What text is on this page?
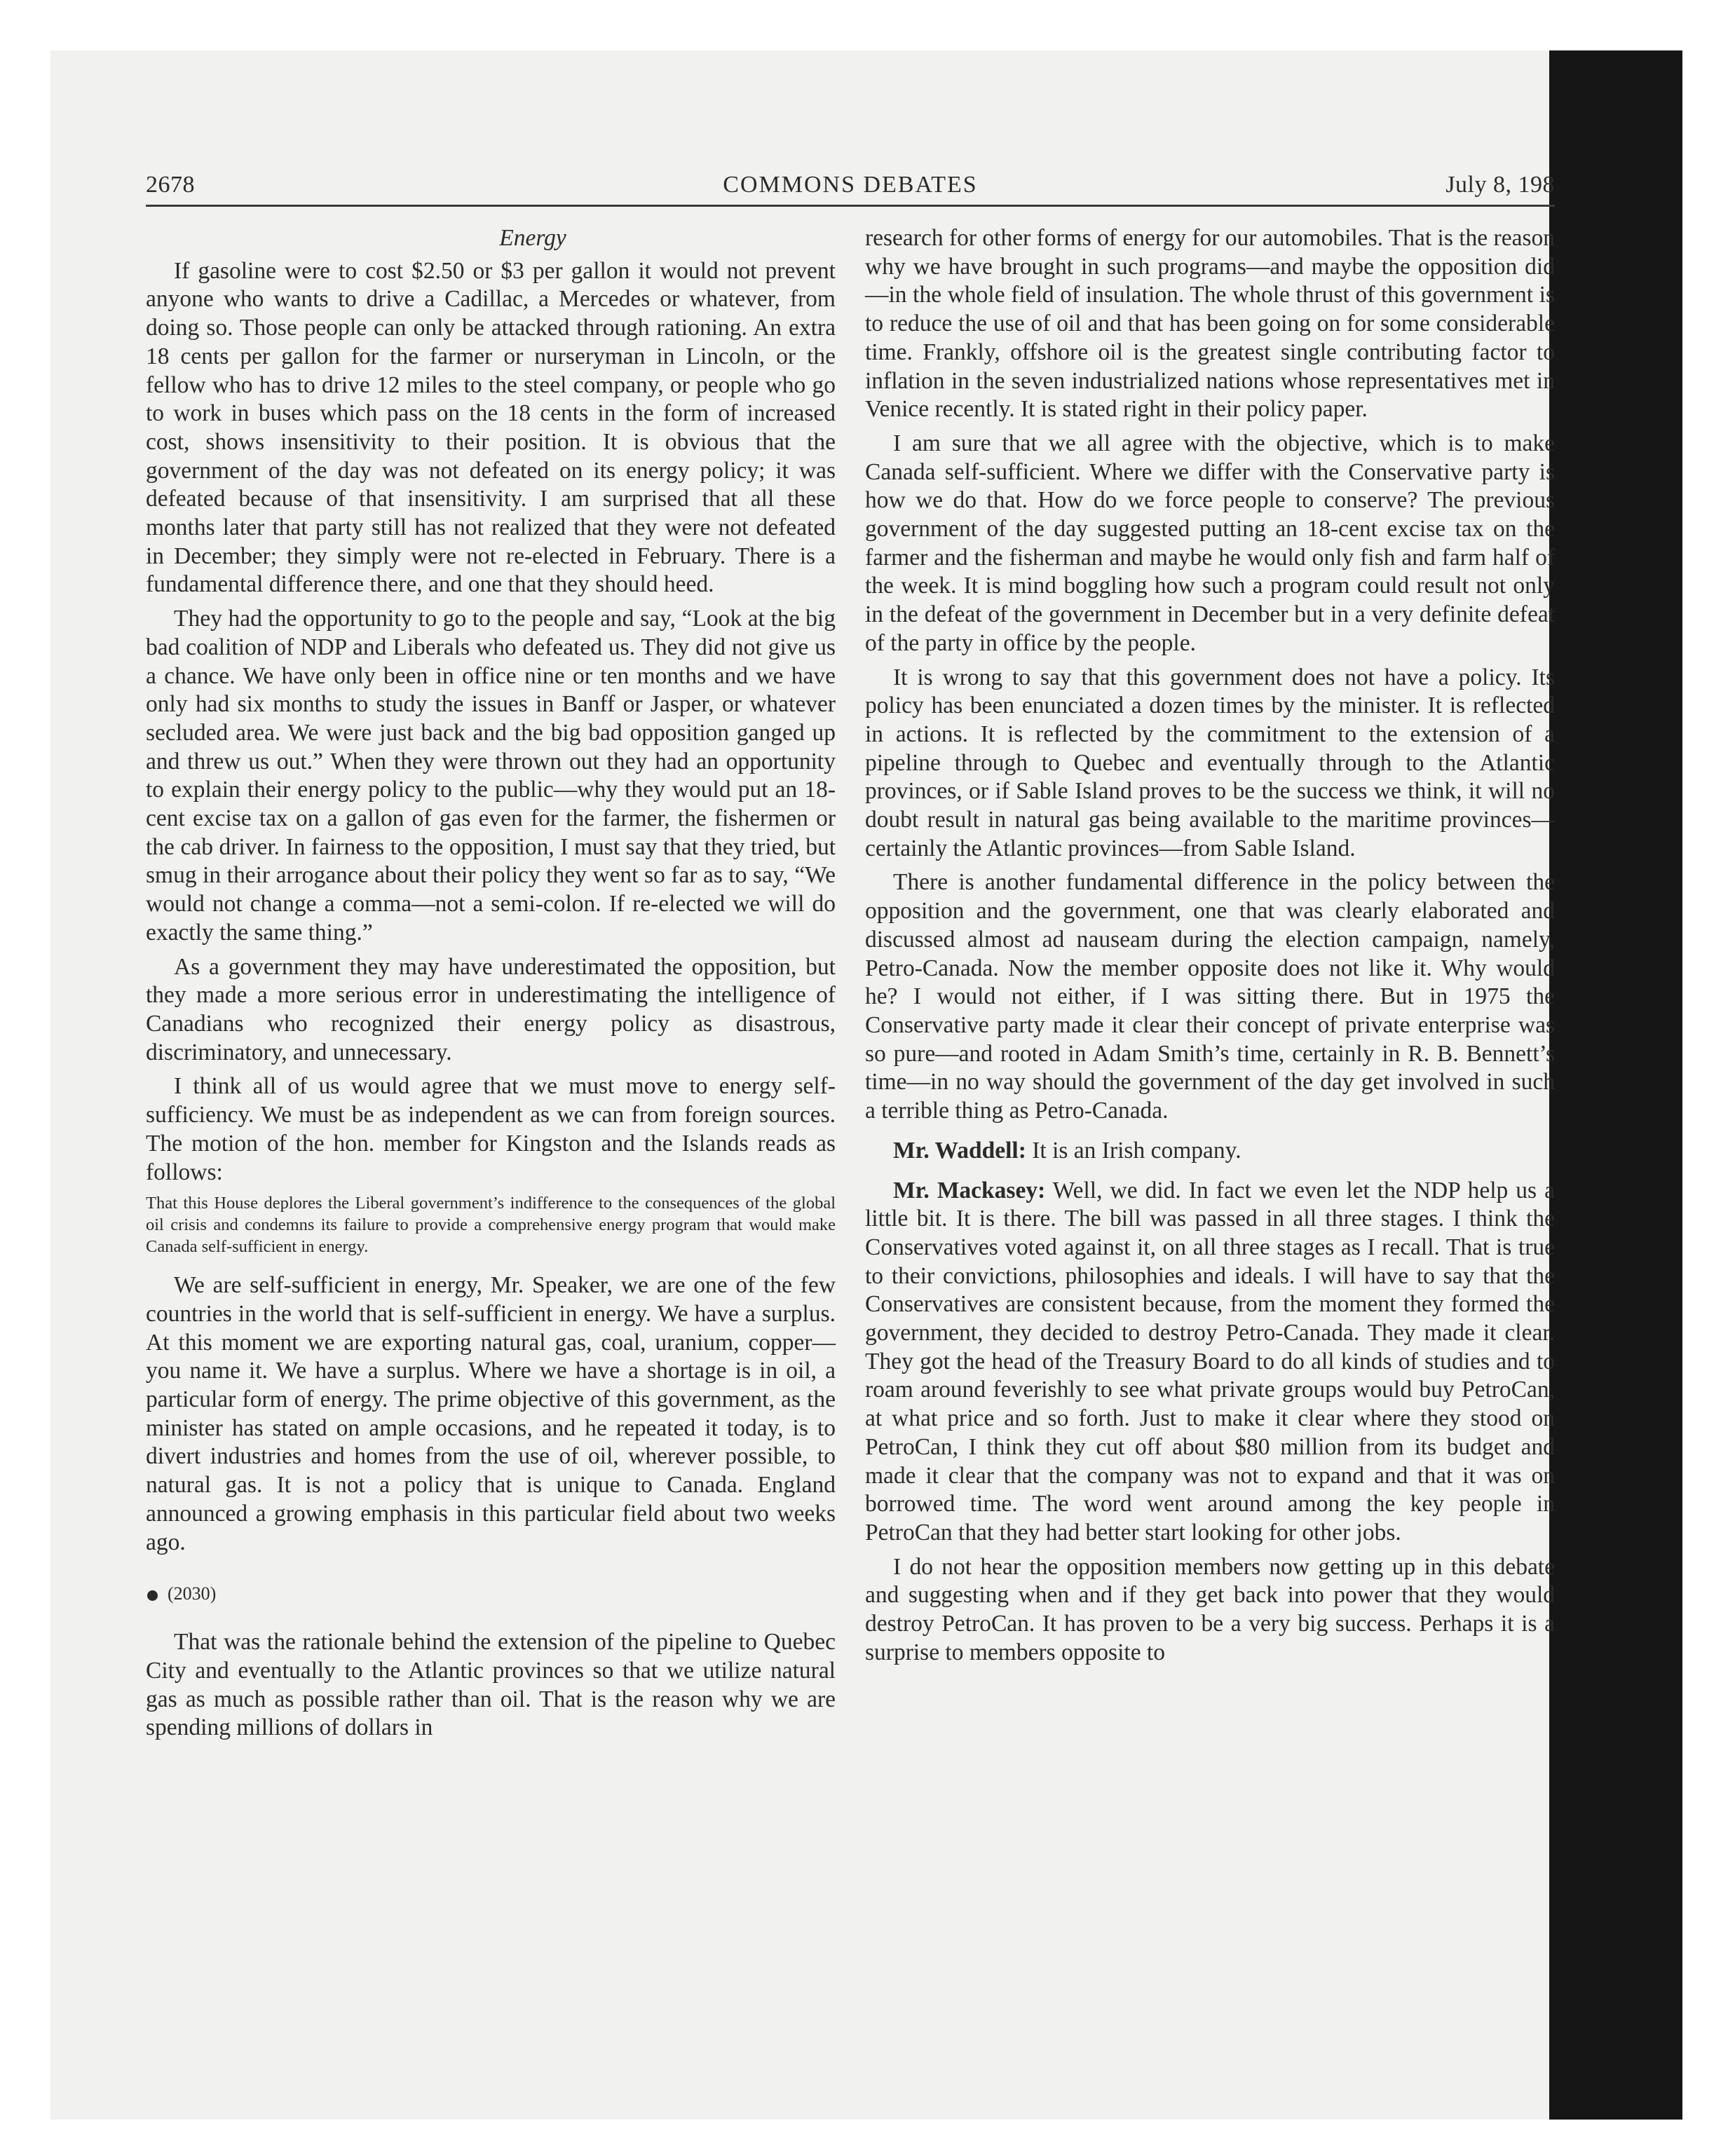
2678	COMMONS DEBATES	July 8, 198

Energy

If gasoline were to cost $2.50 or $3 per gallon it would not prevent anyone who wants to drive a Cadillac, a Mercedes or whatever, from doing so. Those people can only be attacked through rationing. An extra 18 cents per gallon for the farmer or nurseryman in Lincoln, or the fellow who has to drive 12 miles to the steel company, or people who go to work in buses which pass on the 18 cents in the form of increased cost, shows insensitivity to their position. It is obvious that the government of the day was not defeated on its energy policy; it was defeated because of that insensitivity. I am surprised that all these months later that party still has not realized that they were not defeated in December; they simply were not re-elected in February. There is a fundamental difference there, and one that they should heed.

They had the opportunity to go to the people and say, “Look at the big bad coalition of NDP and Liberals who defeated us. They did not give us a chance. We have only been in office nine or ten months and we have only had six months to study the issues in Banff or Jasper, or whatever secluded area. We were just back and the big bad opposition ganged up and threw us out.” When they were thrown out they had an opportunity to explain their energy policy to the public—why they would put an 18-cent excise tax on a gallon of gas even for the farmer, the fishermen or the cab driver. In fairness to the opposition, I must say that they tried, but smug in their arrogance about their policy they went so far as to say, “We would not change a comma—not a semi-colon. If re-elected we will do exactly the same thing.”

As a government they may have underestimated the opposition, but they made a more serious error in underestimating the intelligence of Canadians who recognized their energy policy as disastrous, discriminatory, and unnecessary.

I think all of us would agree that we must move to energy self-sufficiency. We must be as independent as we can from foreign sources. The motion of the hon. member for Kingston and the Islands reads as follows:

That this House deplores the Liberal government’s indifference to the consequences of the global oil crisis and condemns its failure to provide a comprehensive energy program that would make Canada self-sufficient in energy.

We are self-sufficient in energy, Mr. Speaker, we are one of the few countries in the world that is self-sufficient in energy. We have a surplus. At this moment we are exporting natural gas, coal, uranium, copper—you name it. We have a surplus. Where we have a shortage is in oil, a particular form of energy. The prime objective of this government, as the minister has stated on ample occasions, and he repeated it today, is to divert industries and homes from the use of oil, wherever possible, to natural gas. It is not a policy that is unique to Canada. England announced a growing emphasis in this particular field about two weeks ago.

(2030)

That was the rationale behind the extension of the pipeline to Quebec City and eventually to the Atlantic provinces so that we utilize natural gas as much as possible rather than oil. That is the reason why we are spending millions of dollars in

research for other forms of energy for our automobiles. That is the reason why we have brought in such programs—and maybe the opposition did—in the whole field of insulation. The whole thrust of this government is to reduce the use of oil and that has been going on for some considerable time. Frankly, offshore oil is the greatest single contributing factor to inflation in the seven industrialized nations whose representatives met in Venice recently. It is stated right in their policy paper.

I am sure that we all agree with the objective, which is to make Canada self-sufficient. Where we differ with the Conservative party is how we do that. How do we force people to conserve? The previous government of the day suggested putting an 18-cent excise tax on the farmer and the fisherman and maybe he would only fish and farm half of the week. It is mind boggling how such a program could result not only in the defeat of the government in December but in a very definite defeat of the party in office by the people.

It is wrong to say that this government does not have a policy. Its policy has been enunciated a dozen times by the minister. It is reflected in actions. It is reflected by the commitment to the extension of a pipeline through to Quebec and eventually through to the Atlantic provinces, or if Sable Island proves to be the success we think, it will no doubt result in natural gas being available to the maritime provinces—certainly the Atlantic provinces—from Sable Island.

There is another fundamental difference in the policy between the opposition and the government, one that was clearly elaborated and discussed almost ad nauseam during the election campaign, namely, Petro-Canada. Now the member opposite does not like it. Why would he? I would not either, if I was sitting there. But in 1975 the Conservative party made it clear their concept of private enterprise was so pure—and rooted in Adam Smith’s time, certainly in R. B. Bennett’s time—in no way should the government of the day get involved in such a terrible thing as Petro-Canada.

Mr. Waddell: It is an Irish company.

Mr. Mackasey: Well, we did. In fact we even let the NDP help us a little bit. It is there. The bill was passed in all three stages. I think the Conservatives voted against it, on all three stages as I recall. That is true to their convictions, philosophies and ideals. I will have to say that the Conservatives are consistent because, from the moment they formed the government, they decided to destroy Petro-Canada. They made it clear. They got the head of the Treasury Board to do all kinds of studies and to roam around feverishly to see what private groups would buy PetroCan, at what price and so forth. Just to make it clear where they stood on PetroCan, I think they cut off about $80 million from its budget and made it clear that the company was not to expand and that it was on borrowed time. The word went around among the key people in PetroCan that they had better start looking for other jobs.

I do not hear the opposition members now getting up in this debate and suggesting when and if they get back into power that they would destroy PetroCan. It has proven to be a very big success. Perhaps it is a surprise to members opposite to
